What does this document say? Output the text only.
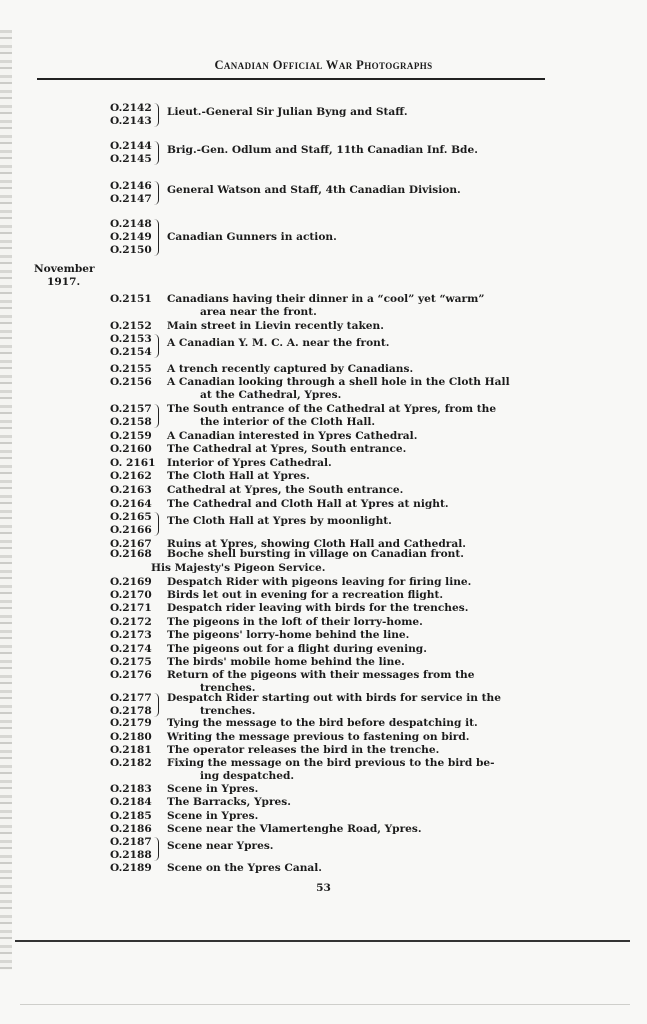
Canadian Official War Photographs
November
1917.
O.2142
O.2143
Lieut.-General Sir Julian Byng and Staff.
O.2144
O.2145
Brig.-Gen. Odlum and Staff, 11th Canadian Inf. Bde.
O.2146
O.2147
General Watson and Staff, 4th Canadian Division.
O.2148
O.2149
O.2150
Canadian Gunners in action.
O.2151 Canadians having their dinner in a “cool” yet “warm”
area near the front.
O.2152 Main street in Lievin recently taken.
O.2153
O.2154
A Canadian Y. M. C. A. near the front.
O.2155 A trench recently captured by Canadians.
O.2156 A Canadian looking through a shell hole in the Cloth Hall
at the Cathedral, Ypres.
O.2157
O.2158
The South entrance of the Cathedral at Ypres, from the
the interior of the Cloth Hall.
O.2159 A Canadian interested in Ypres Cathedral.
O.2160 The Cathedral at Ypres, South entrance.
O. 2161 Interior of Ypres Cathedral.
O.2162 The Cloth Hall at Ypres.
O.2163 Cathedral at Ypres, the South entrance.
O.2164 The Cathedral and Cloth Hall at Ypres at night.
O.2165
O.2166
The Cloth Hall at Ypres by moonlight.
O.2167 Ruins at Ypres, showing Cloth Hall and Cathedral.
O.2168 Boche shell bursting in village on Canadian front.
O.2169 Despatch Rider with pigeons leaving for firing line.
O.2170 Birds let out in evening for a recreation flight.
O.2171 Despatch rider leaving with birds for the trenches.
O.2172 The pigeons in the loft of their lorry-home.
O.2173 The pigeons' lorry-home behind the line.
O.2174 The pigeons out for a flight during evening.
O.2175 The birds' mobile home behind the line.
O.2176 Return of the pigeons with their messages from the
trenches.
O.2177
O.2178
Despatch Rider starting out with birds for service in the
trenches.
O.2179 Tying the message to the bird before despatching it.
O.2180 Writing the message previous to fastening on bird.
O.2181 The operator releases the bird in the trenche.
O.2182 Fixing the message on the bird previous to the bird be-
ing despatched.
O.2183 Scene in Ypres.
O.2184 The Barracks, Ypres.
O.2185 Scene in Ypres.
O.2186 Scene near the Vlamertenghe Road, Ypres.
O.2187
O.2188
Scene near Ypres.
O.2189 Scene on the Ypres Canal.
His Majesty's Pigeon Service.
53
